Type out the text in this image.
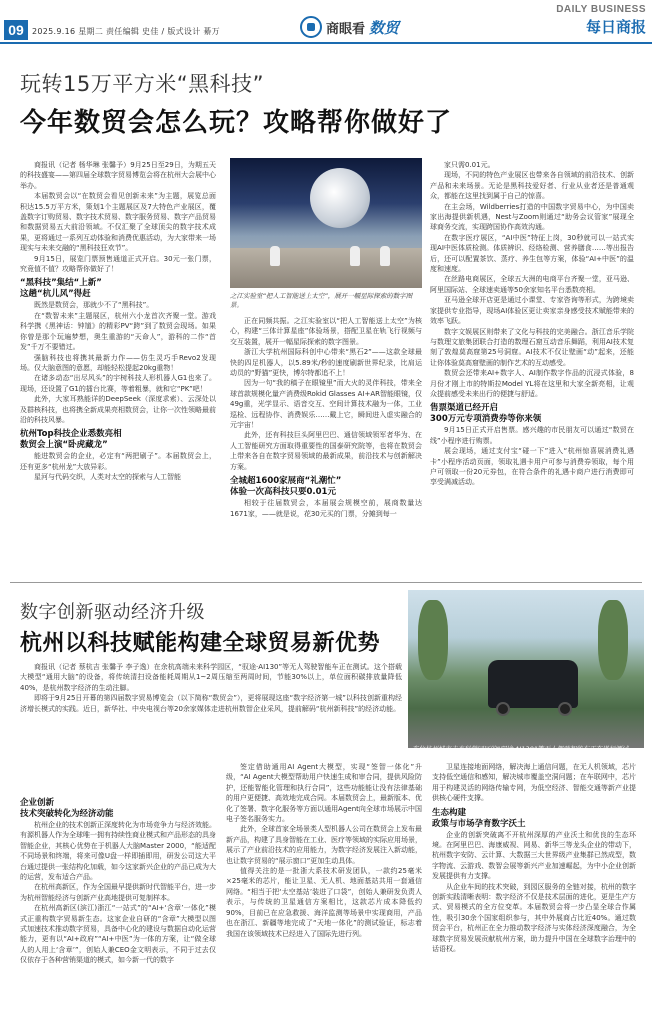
09	2025.9.16 星期二 责任编辑 史佳 / 版式设计 綦万	商眼看 数贸
DAILY BUSINESS
每日商报
玩转15万平方米“黑科技”
今年数贸会怎么玩？攻略帮你做好了

商报讯（记者 杨华琳 张馨予）9月25日至29日，为期五天的科技盛宴——第四届全球数字贸易博览会将在杭州大会展中心举办。

本届数贸会以“在数贸会看见创新未来”为主题，展览总面积达15.5万平方米，策划1个主题展区及7大特色产业展区，覆盖数字订购贸易、数字技术贸易、数字服务贸易、数字产品贸易和数据贸易五大前沿领域。不仅汇聚了全球顶尖的数字技术成果，更将通过一系列互动体验和消费优惠活动，为大家带来一场现实与未来交融的“黑科技狂欢节”。

9月15日，展览门票预售通道正式开启。30元一张门票，究竟值不值？攻略帮你做好了！

“黑科技”集结“上新”
这趟“杭儿风”得赶

既然是数贸会，那就少不了“黑科技”。

在“数智未来”主题展区，杭州六小龙首次齐聚一堂。游戏科学携《黑神话：钟馗》的精彩PV“跨”到了数贸会现场。如果你曾是那个玩遍梦想，奥生重游的“天命人”，游科的二作“首发”千万不要错过。

强脑科技也将携其最新力作——仿生灵巧手Revo2发现场。仅大脑意图的意愿，却能轻松提起20kg重物！

在诸多动态“出尽风头”的宇树科技人形机器人G1也来了。现场，还设置了G1的擂台比赛，等着粗暴，就和它“PK”吧！

此外，大家耳熟能详的DeepSeek（深度求索）、云深处以及群核科技，也将携全新成果亮相数贸会，让你一次性领略最前沿的科技风暴。

杭州Top科技企业悉数亮相
数贸会上演“卧虎藏龙”

能进数贸会的企业，必定有“两把刷子”。本届数贸会上，还有更多“杭州龙”大放异彩。

星河与代码交织，人类对太空的探索与人工智能

之江实验室“把人工智能送上太空”，展开一幅星际探索的数字图景。

正在同频共振。之江实验室以“把人工智能送上太空”为核心，构建“三体计算星座”体验场景，搭配卫星在轨飞行视频与交互装置，展开一幅星际探索的数字图景。

浙江大学杭州国际科创中心带来“黑石2”——这款全球最快的四足机器人，以5.89米/秒的速度刷新世界纪录，比肩运动员的“野猫”更快，博尔特都追不上！

因为一句“我的稿子在眼镜里”而大火的灵伴科技，带来全球首款规模化量产消费级Rokid Glasses AI+AR智能眼镜，仅49g重，光学显示、语音交互、空间计算技术融为一体，工业巡检、远程协作、消费娱乐……戴上它，瞬间进入虚实融合的元宇宙！

此外，还有科技巨头阿里巴巴、通信领域领军者华为、在人工智能研究方面取得重要性的国泰研究院等，也将在数贸会上带来各自在数字贸易领域的最新成果，前沿技术与创新解决方案。

全城超1600家展商“礼潮忙”
体验一次高科技只要0.01元

相较于往届数贸会，本届展会规模空前，展商数量达1671家，——就是说，花30元买的门票，分摊到每一

家只需0.01元。

现场，不同的特色产业展区也带来各自领域的前沿技术、创新产品和未来场景。无论是黑科技爱好者、行业从业者还是普通观众，都能在这里找到属于自己的惊喜。

在主会场，Wildberries打造的中国数字贸易中心，为中国卖家出海提供新机遇，Nest与Zoom则通过“助务会议管家”展现全球商务交流，实现跨国协作高效沟通。

在数字医疗展区，“AI中医”特征上岗，30秒就可以一站式实现AI中医体质检测。体质辨识、经络检测、营养膳食……等出报告后，还可以配置茶饮、蒸疗、养生包等方案，体验“AI+中医”的温度和速度。

在丝路电商展区，全球五大洲的电商平台齐聚一堂，亚马逊、阿里国际站、全球速卖通等50余家知名平台悉数亮相。

亚马逊全球开店更是通过小课堂、专家咨询等形式，为跨境卖家提供专业指导，现场AI体验区更让卖家亲身感受技术赋能带来的效率飞跃。

数字文娱展区则带来了文化与科技的完美融合。浙江音乐学院与数理文旅集团联合打造的数理石窟互动音乐舞蹈，利用AI技术复刻了敦煌莫高窟第25号洞窟。AI技术不仅让壁画“动”起来，还能让你体验莫高窟壁画的制作艺术的互动感受。

数贸会还带来AI+数字人、AI制作数字作品的沉浸式体验，8月份才刚上市的特斯拉Model YL将在这里和大家全新亮相，让观众提前感受未来出行的便捷与舒适。

售票渠道已经开启
300万元专项消费券等你来领

9月15日正式开启售票。感兴趣的市民朋友可以通过“数贸在线”小程序进行购票。

展会现场，通过支付宝“碰一下”进入“杭州惊喜展消费礼遇卡”小程序活动页面，领取礼遇卡用户可参与消费券领取，每个用户可领取一份20元券包，在符合条件的礼遇卡商户进行消费即可享受满减活动。

数字创新驱动经济升级
杭州以科技赋能构建全球贸易新优势
在位杭州城市未来科学园区的“驭途·AI130”等无人驾驶智能车正在进行测试。

商报讯（记者 蔡杭吉 张馨予 李子逸）在余杭高端未来科学园区，“驭途·AI130”等无人驾驶智能车正在测试。这个搭载大模型“通用大脑”的设备，将传统清扫设备能耗周期从1~2周压缩至两周时间，节能30%以上，单位面积碳排放量降低40%，是杭州数字经济的生动注脚。

即将于9月25日开幕的第四届数字贸易博览会（以下简称“数贸会”），更将展现这座“数字经济第一城”以科技创新重构经济增长模式的实践。近日，新华社、中央电视台等20余家媒体走进杭州数智企业采风，提前解码“杭州新科技”的经济动能。

企业创新
技术突破转化为经济动能

杭州企业的技术创新正深度转化为市场竞争力与经济效能。有源机器人作为全球唯一拥有持续性商业模式和产品形态的具身智能企业，其核心优势在于机器人大脑Master 2000，“能适配不同场景和终端，将来可像U盘一样即插即用，研发公司这大平台通过提供一张结构化加载，如今这家新兴企业的产品已成为大的运营，发布适合产品。

在杭州高新区，作为全国最早提供新时代智能平台，进一步为杭州智能经济与创新产业高地提供可复制样本。

在杭州高新区(滨江)浙江“一站式”的“AI+‘含章’一体化”模式正重构数字贸易新生态。这家企业自研的“含章”大模型以图式加速技术推动数字贸易，具备中心化的建设与数据自动化运营能力，更有以“AI+政府”“AI+中医”为一体的方案，让“做全球人的人用上‘含章’”，创始人兼CEO金文明表示，不同于过去仅仅依存于各种营销渠道的模式，如今新一代的数字

签定借助通用AI Agent大模型，实现“签智一体化”升级，“AI Agent大模型帮助用户快速生成和审合同，提供风险防护，还能智能化管理和执行合同”，这些功能能让没有法律基础的用户更便捷、高效地完成合同。本届数贸会上，最新版本、优化了签署、数字化服务等方面以通用Agent向全球市场展示中国电子签名服务实力。

此外，全球首家全场景类人型机器人公司在数贸会上发布最新产品，构建了具身智能在工业、医疗等领域的实际应用场景，展示了产业前沿技术的应用能力，为数字经济发展注入新动能，也让数字贸易的“展示窗口”更加生动具体。

值得关注的是一批浙大系技术研发团队，一款约25毫米×25毫米的芯片，能让卫星、无人机、地面基站共用一套通信网络。“相当于把‘太空基站’装进了口袋”，创始人兼研发负责人表示，与传统的卫星通信方案相比，这款芯片成本降低约90%，目前已在应急救援、海洋监测等场景中实现商用，产品也在浙江、新疆等地完成了“天地一体化”的测试验证，标志着我国在该领域技术已经进入了国际先进行列。

卫星连接地面网络，解决海上通信问题，在无人机领域，芯片支持低空通信和感知，解决城市覆盖空洞问题；在车联网中，芯片用于构建灵活的网络传输专网，为低空经济、智能交通等新产业提供核心硬件支撑。

生态构建
政策与市场孕育数字沃土

企业的创新突破离不开杭州深厚的产业沃土和优良的生态环境。在阿里巴巴、海康威视、网易、新华三等龙头企业的带动下，杭州数字安防、云计算、大数据三大世界级产业集群已然成型，数字物流、云游戏、数智会展等新兴产业加速崛起，为中小企业创新发展提供有力支撑。

从企业车间的技术突破，到园区服务的全链对接，杭州的数字创新实践清晰表明：数字经济不仅是技术层面的进化，更是生产方式、贸易模式的全方位变革。本届数贸会将一步凸显全球合作属性，吸引30余个国家组织参与，其中外展商占比近40%。通过数贸会平台，杭州正在全力推动数字经济与实体经济深度融合，为全球数字贸易发展贡献杭州方案，助力提升中国在全球数字治理中的话语权。
